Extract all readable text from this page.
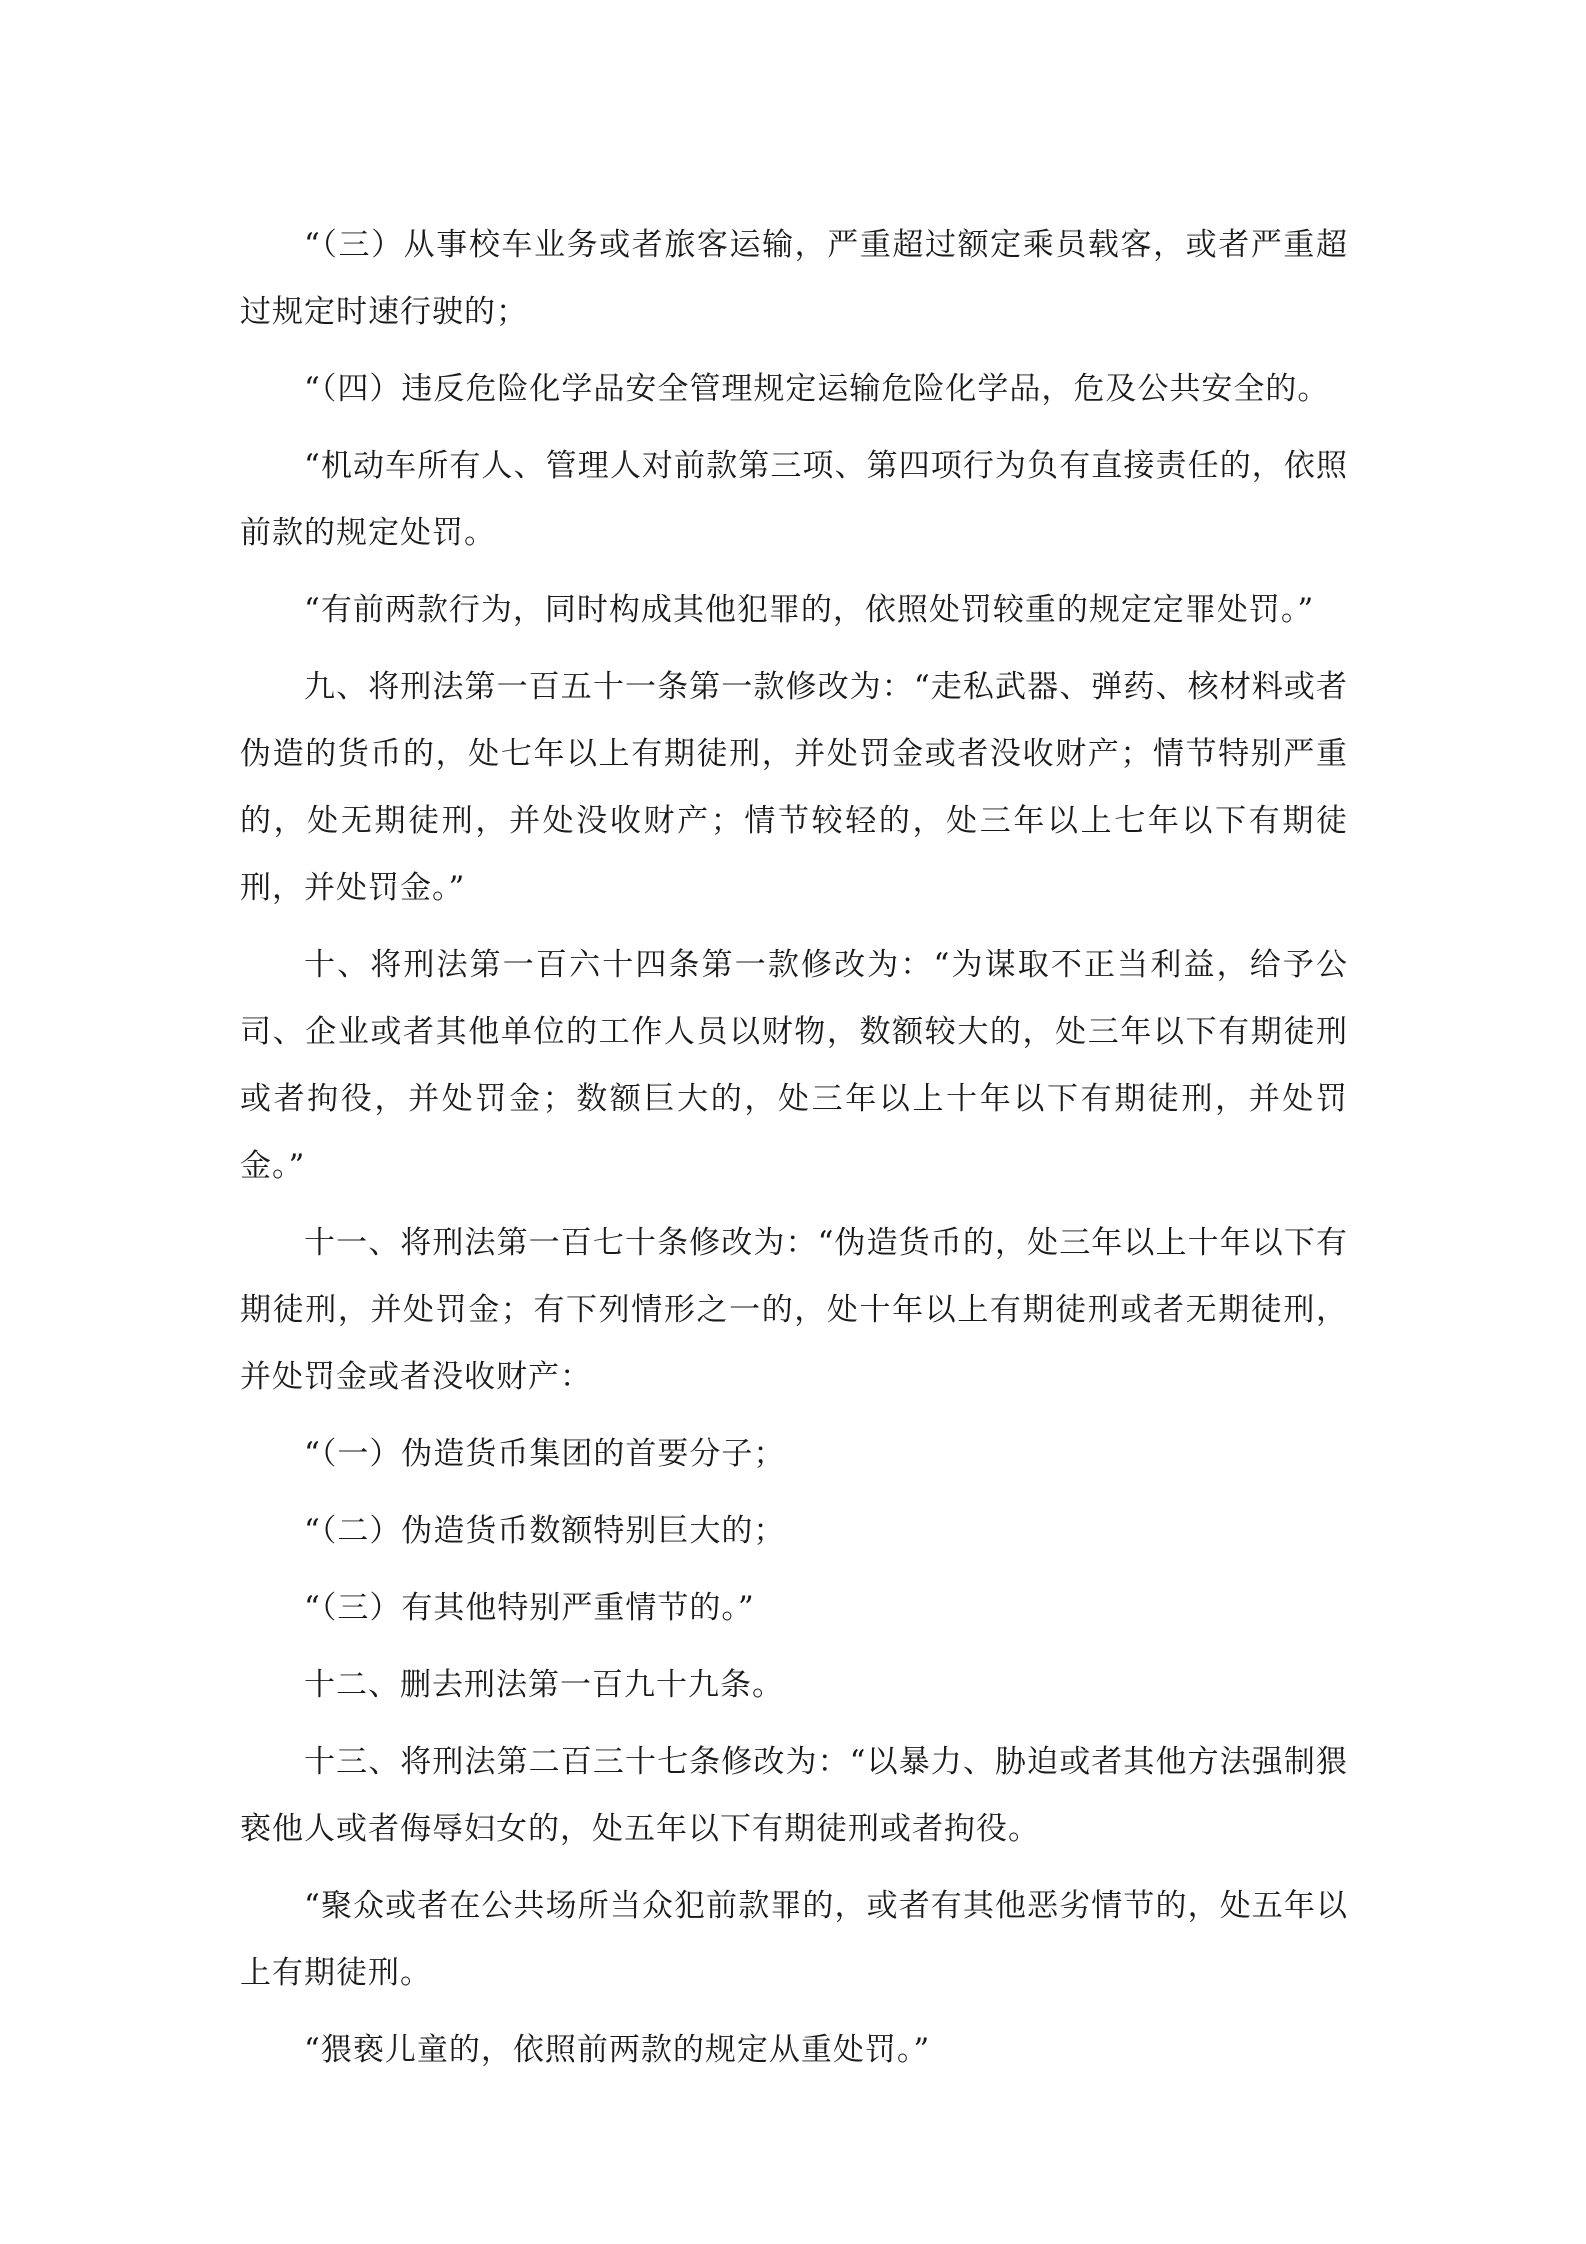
“（三）从事校车业务或者旅客运输，严重超过额定乘员载客，或者严重超过规定时速行驶的；

“（四）违反危险化学品安全管理规定运输危险化学品，危及公共安全的。

“机动车所有人、管理人对前款第三项、第四项行为负有直接责任的，依照前款的规定处罚。

“有前两款行为，同时构成其他犯罪的，依照处罚较重的规定定罪处罚。”

九、将刑法第一百五十一条第一款修改为：“走私武器、弹药、核材料或者伪造的货币的，处七年以上有期徒刑，并处罚金或者没收财产；情节特别严重的，处无期徒刑，并处没收财产；情节较轻的，处三年以上七年以下有期徒刑，并处罚金。”

十、将刑法第一百六十四条第一款修改为：“为谋取不正当利益，给予公司、企业或者其他单位的工作人员以财物，数额较大的，处三年以下有期徒刑或者拘役，并处罚金；数额巨大的，处三年以上十年以下有期徒刑，并处罚金。”

十一、将刑法第一百七十条修改为：“伪造货币的，处三年以上十年以下有期徒刑，并处罚金；有下列情形之一的，处十年以上有期徒刑或者无期徒刑，并处罚金或者没收财产：

“（一）伪造货币集团的首要分子；

“（二）伪造货币数额特别巨大的；

“（三）有其他特别严重情节的。”

十二、删去刑法第一百九十九条。

十三、将刑法第二百三十七条修改为：“以暴力、胁迫或者其他方法强制猥亵他人或者侮辱妇女的，处五年以下有期徒刑或者拘役。

“聚众或者在公共场所当众犯前款罪的，或者有其他恶劣情节的，处五年以上有期徒刑。

“猥亵儿童的，依照前两款的规定从重处罚。”
